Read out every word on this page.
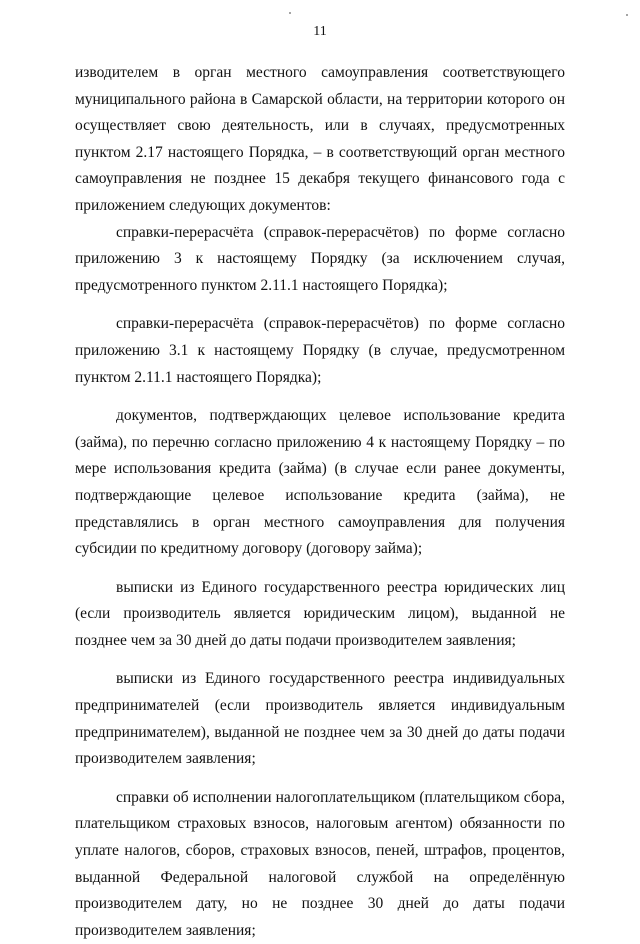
11

изводителем в орган местного самоуправления соответствующего муниципального района в Самарской области, на территории которого он осуществляет свою деятельность, или в случаях, предусмотренных пунктом 2.17 настоящего Порядка, – в соответствующий орган местного самоуправления не позднее 15 декабря текущего финансового года с приложением следующих документов:

справки-перерасчёта (справок-перерасчётов) по форме согласно приложению 3 к настоящему Порядку (за исключением случая, предусмотренного пунктом 2.11.1 настоящего Порядка);

справки-перерасчёта (справок-перерасчётов) по форме согласно приложению 3.1 к настоящему Порядку (в случае, предусмотренном пунктом 2.11.1 настоящего Порядка);

документов, подтверждающих целевое использование кредита (займа), по перечню согласно приложению 4 к настоящему Порядку – по мере использования кредита (займа) (в случае если ранее документы, подтверждающие целевое использование кредита (займа), не представлялись в орган местного самоуправления для получения субсидии по кредитному договору (договору займа);

выписки из Единого государственного реестра юридических лиц (если производитель является юридическим лицом), выданной не позднее чем за 30 дней до даты подачи производителем заявления;

выписки из Единого государственного реестра индивидуальных предпринимателей (если производитель является индивидуальным предпринимателем), выданной не позднее чем за 30 дней до даты подачи производителем заявления;

справки об исполнении налогоплательщиком (плательщиком сбора, плательщиком страховых взносов, налоговым агентом) обязанности по уплате налогов, сборов, страховых взносов, пеней, штрафов, процентов, выданной Федеральной налоговой службой на определённую производителем дату, но не позднее 30 дней до даты подачи производителем заявления;
